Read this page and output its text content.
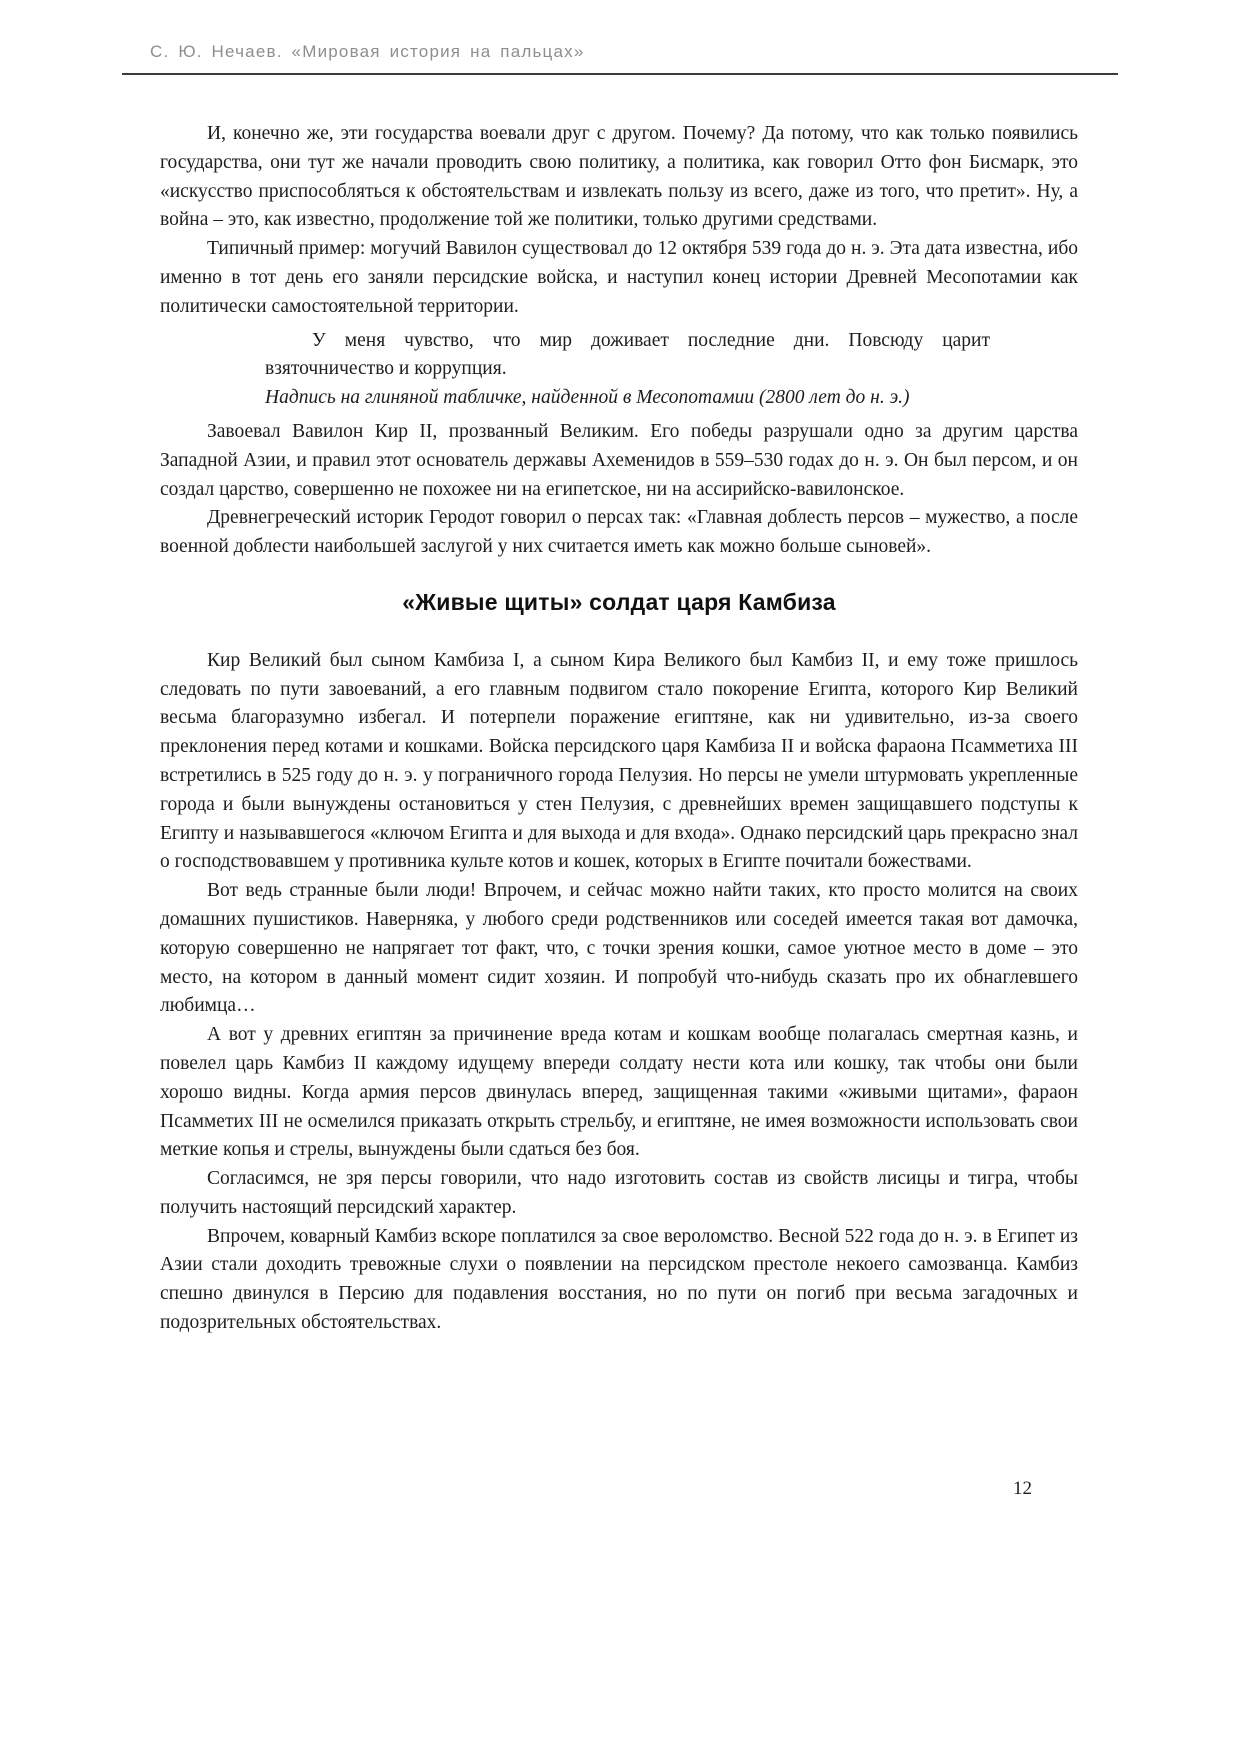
С. Ю. Нечаев. «Мировая история на пальцах»

И, конечно же, эти государства воевали друг с другом. Почему? Да потому, что как только появились государства, они тут же начали проводить свою политику, а политика, как говорил Отто фон Бисмарк, это «искусство приспособляться к обстоятельствам и извлекать пользу из всего, даже из того, что претит». Ну, а война – это, как известно, продолжение той же политики, только другими средствами.

Типичный пример: могучий Вавилон существовал до 12 октября 539 года до н. э. Эта дата известна, ибо именно в тот день его заняли персидские войска, и наступил конец истории Древней Месопотамии как политически самостоятельной территории.

У меня чувство, что мир доживает последние дни. Повсюду царит взяточничество и коррупция.

Надпись на глиняной табличке, найденной в Месопотамии (2800 лет до н. э.)

Завоевал Вавилон Кир II, прозванный Великим. Его победы разрушали одно за другим царства Западной Азии, и правил этот основатель державы Ахеменидов в 559–530 годах до н. э. Он был персом, и он создал царство, совершенно не похожее ни на египетское, ни на ассирийско-вавилонское.

Древнегреческий историк Геродот говорил о персах так: «Главная доблесть персов – мужество, а после военной доблести наибольшей заслугой у них считается иметь как можно больше сыновей».

«Живые щиты» солдат царя Камбиза

Кир Великий был сыном Камбиза I, а сыном Кира Великого был Камбиз II, и ему тоже пришлось следовать по пути завоеваний, а его главным подвигом стало покорение Египта, которого Кир Великий весьма благоразумно избегал. И потерпели поражение египтяне, как ни удивительно, из-за своего преклонения перед котами и кошками. Войска персидского царя Камбиза II и войска фараона Псамметиха III встретились в 525 году до н. э. у пограничного города Пелузия. Но персы не умели штурмовать укрепленные города и были вынуждены остановиться у стен Пелузия, с древнейших времен защищавшего подступы к Египту и называвшегося «ключом Египта и для выхода и для входа». Однако персидский царь прекрасно знал о господствовавшем у противника культе котов и кошек, которых в Египте почитали божествами.

Вот ведь странные были люди! Впрочем, и сейчас можно найти таких, кто просто молится на своих домашних пушистиков. Наверняка, у любого среди родственников или соседей имеется такая вот дамочка, которую совершенно не напрягает тот факт, что, с точки зрения кошки, самое уютное место в доме – это место, на котором в данный момент сидит хозяин. И попробуй что-нибудь сказать про их обнаглевшего любимца…

А вот у древних египтян за причинение вреда котам и кошкам вообще полагалась смертная казнь, и повелел царь Камбиз II каждому идущему впереди солдату нести кота или кошку, так чтобы они были хорошо видны. Когда армия персов двинулась вперед, защищенная такими «живыми щитами», фараон Псамметих III не осмелился приказать открыть стрельбу, и египтяне, не имея возможности использовать свои меткие копья и стрелы, вынуждены были сдаться без боя.

Согласимся, не зря персы говорили, что надо изготовить состав из свойств лисицы и тигра, чтобы получить настоящий персидский характер.

Впрочем, коварный Камбиз вскоре поплатился за свое вероломство. Весной 522 года до н. э. в Египет из Азии стали доходить тревожные слухи о появлении на персидском престоле некоего самозванца. Камбиз спешно двинулся в Персию для подавления восстания, но по пути он погиб при весьма загадочных и подозрительных обстоятельствах.

12
